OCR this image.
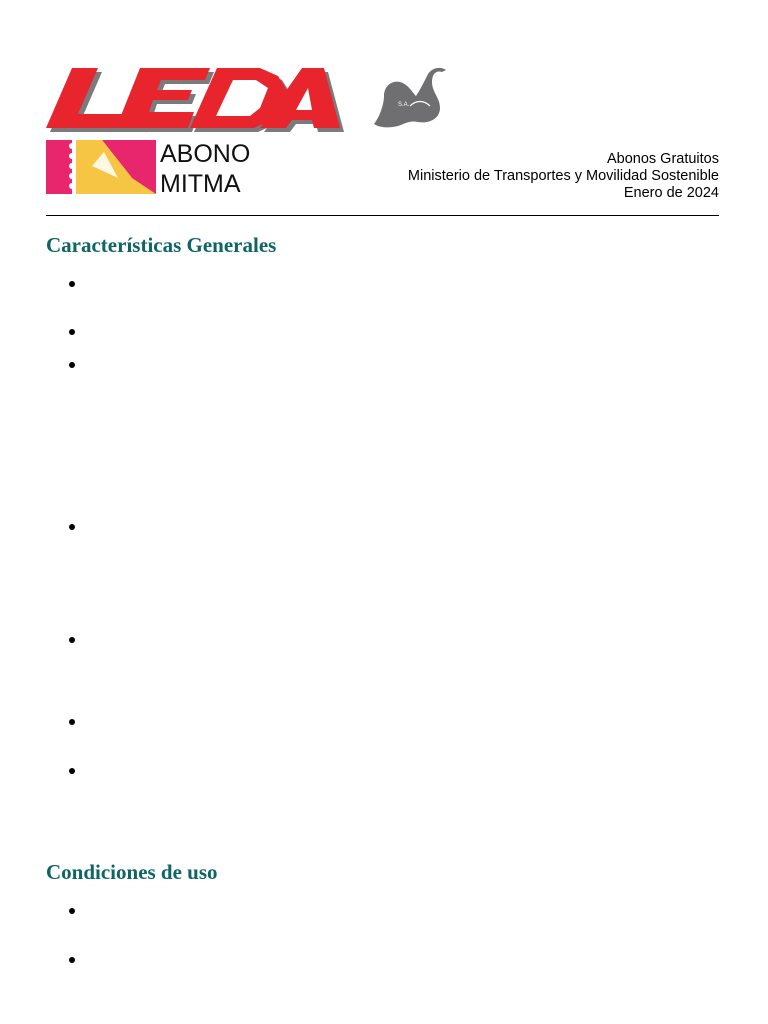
ABONO
MITMA
S.A.
Abonos Gratuitos
Ministerio de Transportes y Movilidad Sostenible
Enero de 2024
Características Generales
Condiciones de uso
